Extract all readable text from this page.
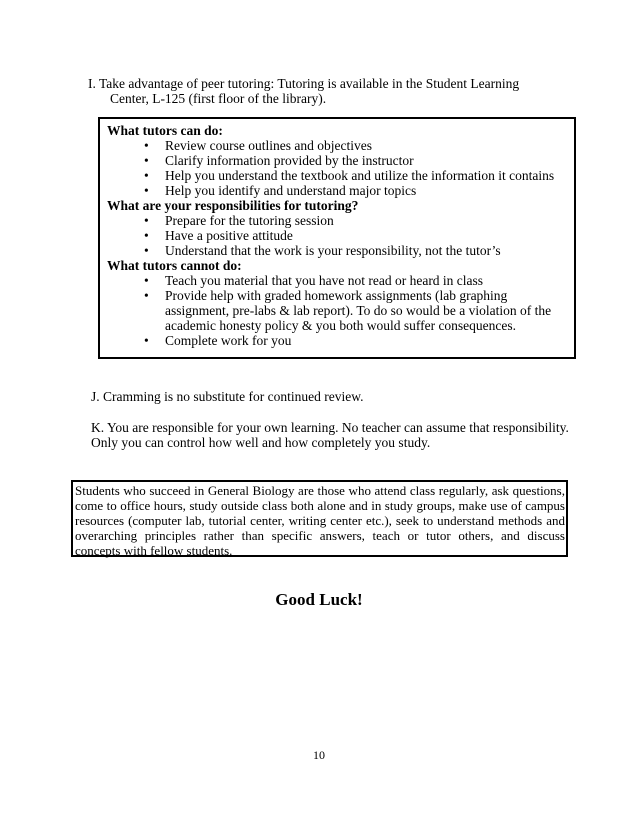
I. Take advantage of peer tutoring: Tutoring is available in the Student Learning
Center, L-125 (first floor of the library).
What tutors can do:
• Review course outlines and objectives
• Clarify information provided by the instructor
• Help you understand the textbook and utilize the information it contains
• Help you identify and understand major topics
What are your responsibilities for tutoring?
• Prepare for the tutoring session
• Have a positive attitude
• Understand that the work is your responsibility, not the tutor’s
What tutors cannot do:
• Teach you material that you have not read or heard in class
• Provide help with graded homework assignments (lab graphing assignment, pre-labs & lab report). To do so would be a violation of the academic honesty policy & you both would suffer consequences.
• Complete work for you
J. Cramming is no substitute for continued review.
K. You are responsible for your own learning. No teacher can assume that responsibility. Only you can control how well and how completely you study.
Students who succeed in General Biology are those who attend class regularly, ask questions, come to office hours, study outside class both alone and in study groups, make use of campus resources (computer lab, tutorial center, writing center etc.), seek to understand methods and overarching principles rather than specific answers, teach or tutor others, and discuss concepts with fellow students.
Good Luck!
10
